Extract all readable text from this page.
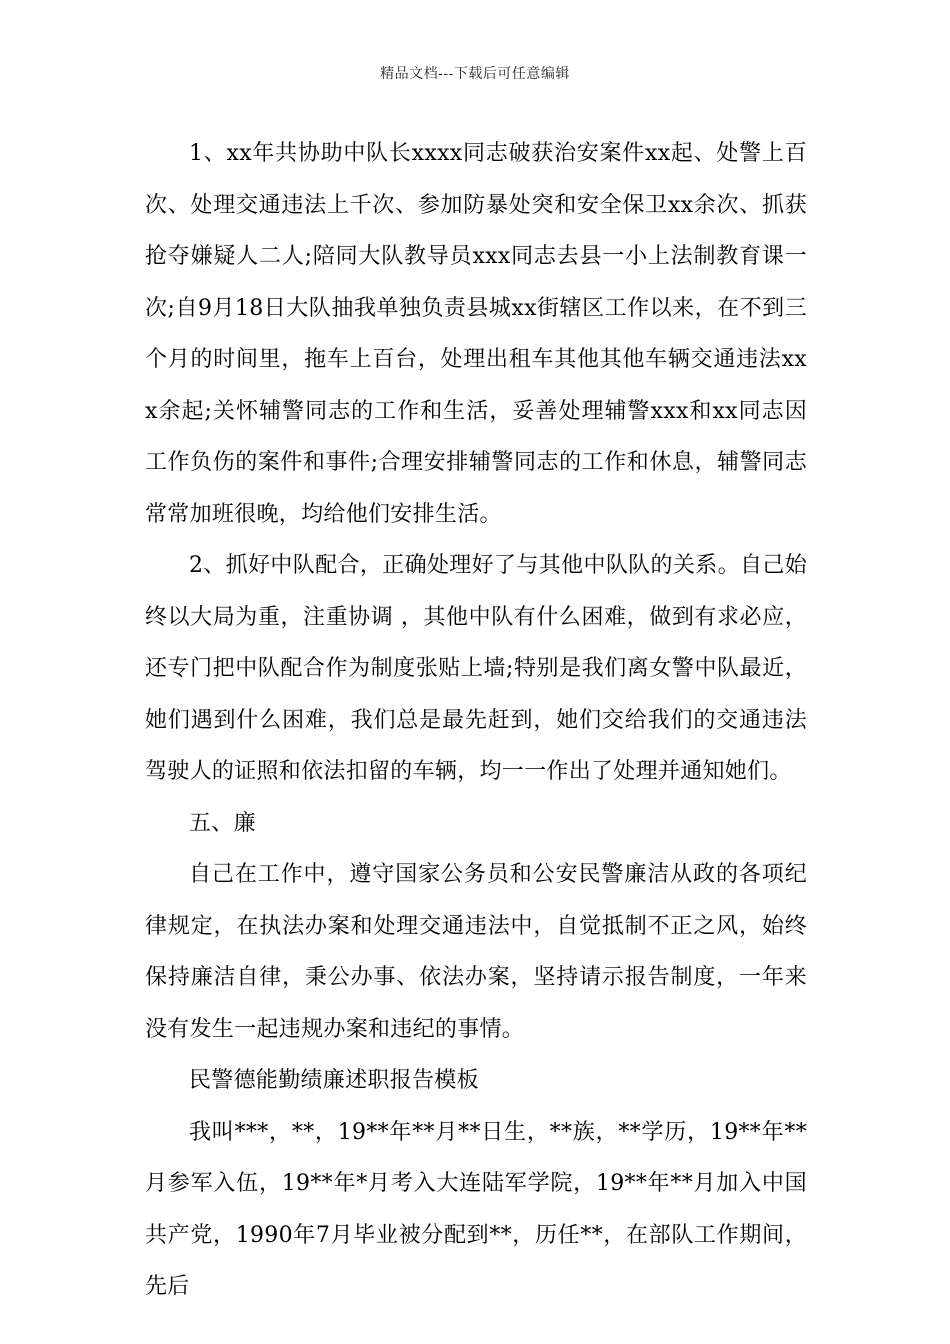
精品文档---下载后可任意编辑

1、xx年共协助中队长xxxx同志破获治安案件xx起、处警上百次、处理交通违法上千次、参加防暴处突和安全保卫xx余次、抓获抢夺嫌疑人二人;陪同大队教导员xxx同志去县一小上法制教育课一次;自9月18日大队抽我单独负责县城xx街辖区工作以来，在不到三个月的时间里，拖车上百台，处理出租车其他其他车辆交通违法xxx余起;关怀辅警同志的工作和生活，妥善处理辅警xxx和xx同志因工作负伤的案件和事件;合理安排辅警同志的工作和休息，辅警同志常常加班很晚，均给他们安排生活。

2、抓好中队配合，正确处理好了与其他中队队的关系。自己始终以大局为重，注重协调 ，其他中队有什么困难，做到有求必应，还专门把中队配合作为制度张贴上墙;特别是我们离女警中队最近，她们遇到什么困难，我们总是最先赶到，她们交给我们的交通违法驾驶人的证照和依法扣留的车辆，均一一作出了处理并通知她们。

五、廉

自己在工作中，遵守国家公务员和公安民警廉洁从政的各项纪律规定，在执法办案和处理交通违法中，自觉抵制不正之风，始终保持廉洁自律，秉公办事、依法办案，坚持请示报告制度，一年来没有发生一起违规办案和违纪的事情。

民警德能勤绩廉述职报告模板

我叫***，**，19**年**月**日生，**族，**学历，19**年**月参军入伍，19**年*月考入大连陆军学院，19**年**月加入中国共产党，1990年7月毕业被分配到**，历任**，在部队工作期间，先后
